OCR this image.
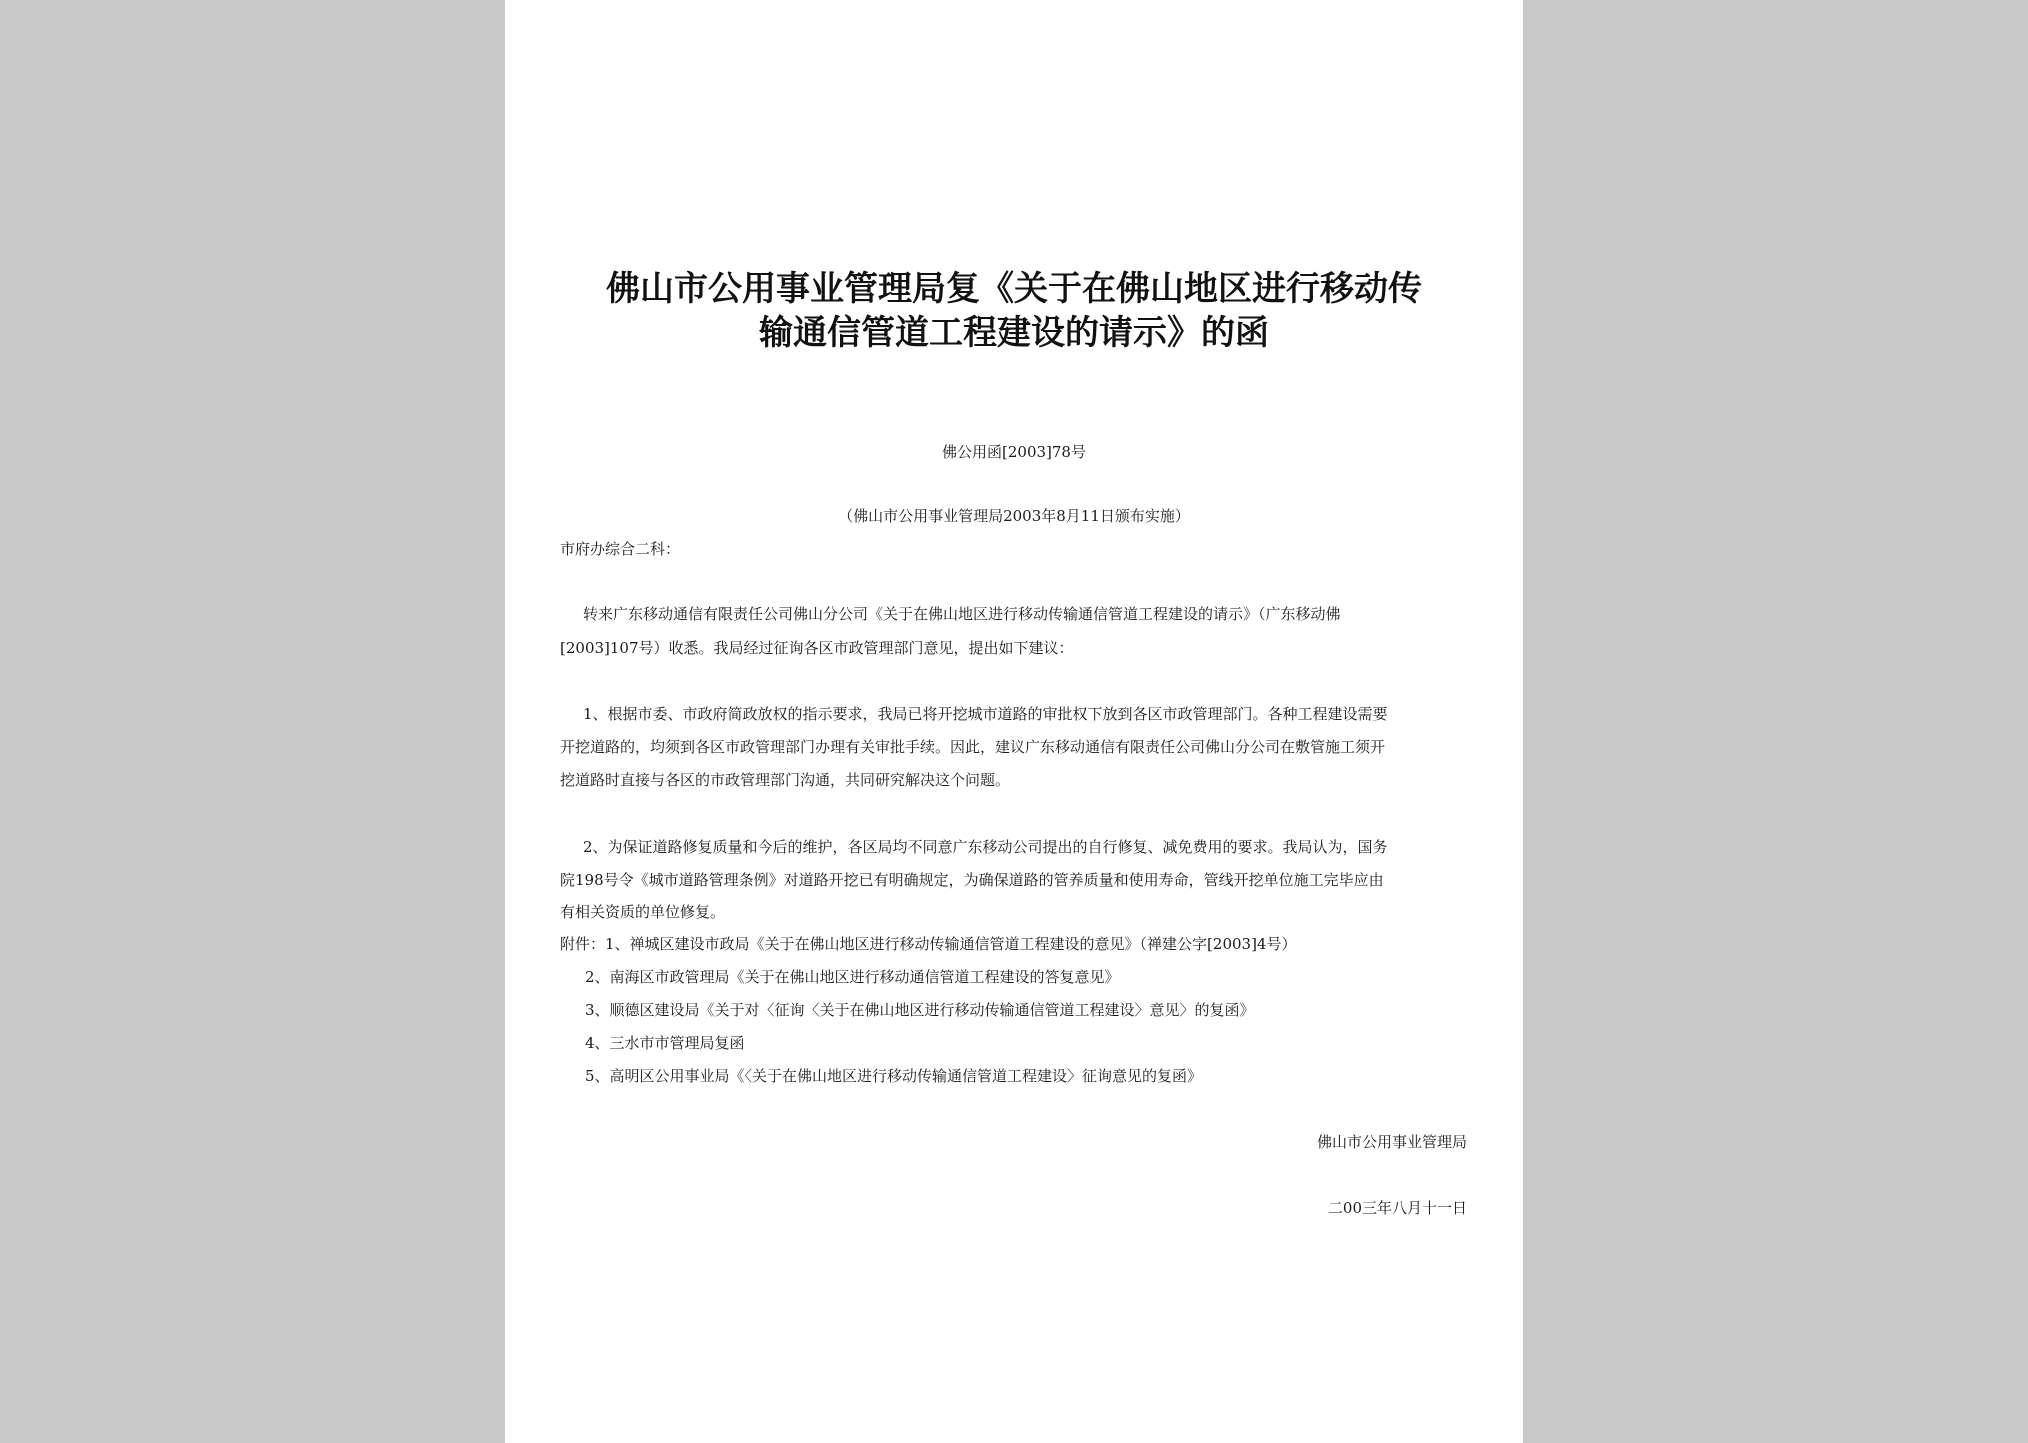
佛山市公用事业管理局复《关于在佛山地区进行移动传
输通信管道工程建设的请示》的函
佛公用函[2003]78号
（佛山市公用事业管理局2003年8月11日颁布实施）
市府办综合二科：
转来广东移动通信有限责任公司佛山分公司《关于在佛山地区进行移动传输通信管道工程建设的请示》（广东移动佛
[2003]107号）收悉。我局经过征询各区市政管理部门意见，提出如下建议：
1、根据市委、市政府简政放权的指示要求，我局已将开挖城市道路的审批权下放到各区市政管理部门。各种工程建设需要
开挖道路的，均须到各区市政管理部门办理有关审批手续。因此，建议广东移动通信有限责任公司佛山分公司在敷管施工须开
挖道路时直接与各区的市政管理部门沟通，共同研究解决这个问题。
2、为保证道路修复质量和今后的维护，各区局均不同意广东移动公司提出的自行修复、减免费用的要求。我局认为，国务
院198号令《城市道路管理条例》对道路开挖已有明确规定，为确保道路的管养质量和使用寿命，管线开挖单位施工完毕应由
有相关资质的单位修复。
附件：1、禅城区建设市政局《关于在佛山地区进行移动传输通信管道工程建设的意见》（禅建公字[2003]4号）
2、南海区市政管理局《关于在佛山地区进行移动通信管道工程建设的答复意见》
3、顺德区建设局《关于对〈征询〈关于在佛山地区进行移动传输通信管道工程建设〉意见〉的复函》
4、三水市市管理局复函
5、高明区公用事业局《〈关于在佛山地区进行移动传输通信管道工程建设〉征询意见的复函》
佛山市公用事业管理局
二00三年八月十一日
